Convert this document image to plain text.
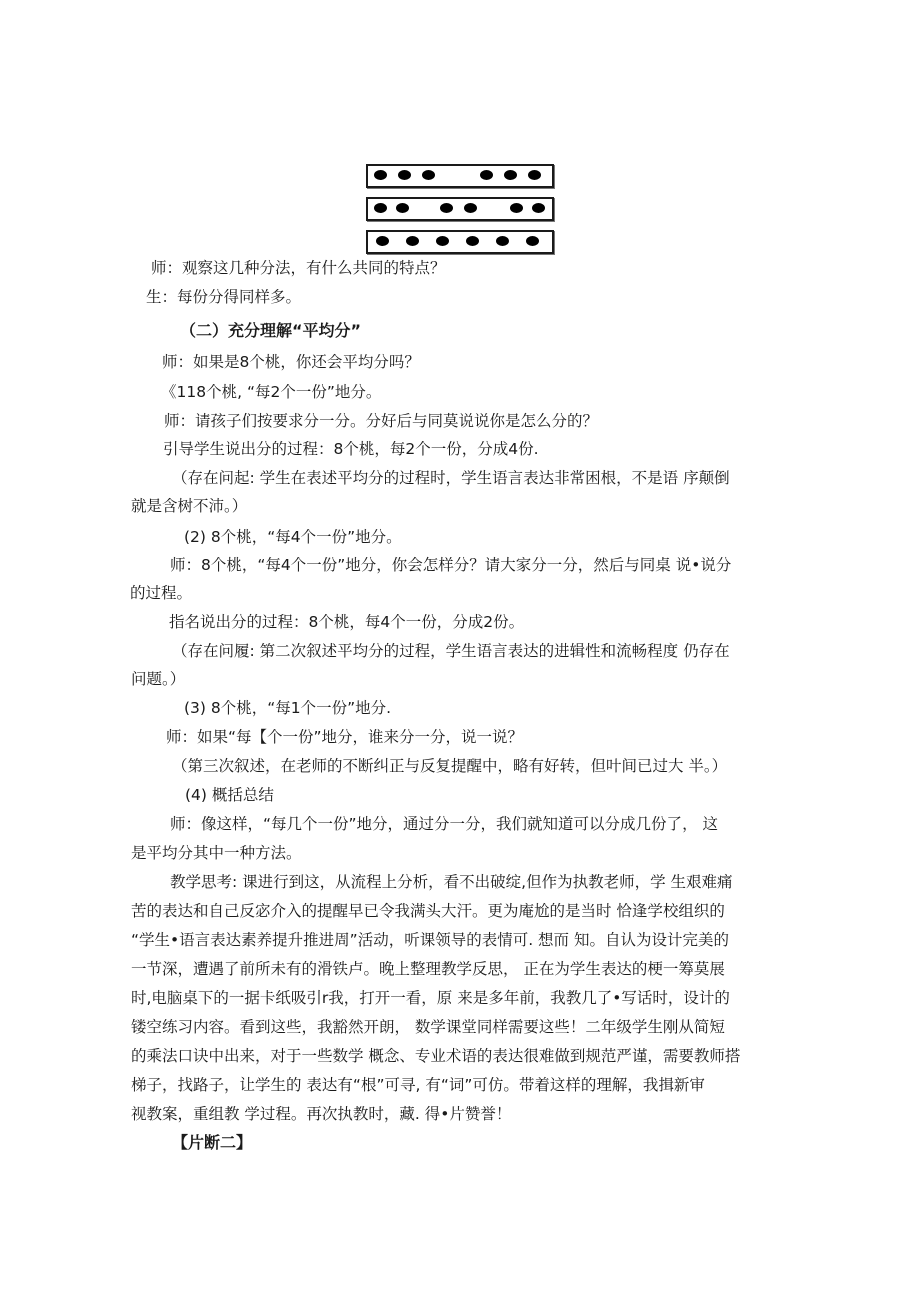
师：观察这几种分法，有什么共同的特点？
生：每份分得同样多。
（二）充分理解“平均分”
师：如果是8个桃，你还会平均分吗？
《118个桃, “每2个一份”地分。
师：请孩子们按要求分一分。分好后与同莫说说你是怎么分的？
引导学生说出分的过程：8个桃，每2个一份，分成4份.
（存在问起: 学生在表述平均分的过程时，学生语言表达非常困根，不是语 序颠倒
就是含树不沛。）
(2) 8个桃，“每4个一份”地分。
师：8个桃，“每4个一份”地分，你会怎样分？请大家分一分，然后与同桌 说•说分
的过程。
指名说出分的过程：8个桃，每4个一份，分成2份。
（存在问履: 第二次叙述平均分的过程，学生语言表达的进辑性和流畅程度 仍存在
问题。）
(3) 8个桃，“每1个一份”地分.
师：如果“每【个一份”地分，谁来分一分，说一说？
（第三次叙述，在老师的不断纠正与反复提醒中，略有好转，但叶间已过大 半。）
(4) 概括总结
师：像这样，“每几个一份”地分，通过分一分，我们就知道可以分成几份了， 这
是平均分其中一种方法。
教学思考: 课进行到这，从流程上分析，看不出破绽,但作为执教老师，学 生艰难痛
苦的表达和自己反宓介入的提醒早已令我满头大汗。更为庵尬的是当时 恰逢学校组织的
“学生•语言表达素养提升推进周”活动，听课领导的表情可. 想而 知。自认为设计完美的
一节深，遭遇了前所未有的滑铁卢。晚上整理教学反思， 正在为学生表达的梗一筹莫展
时,电脑桌下的一据卡纸吸引r我，打开一看，原 来是多年前，我教几了•写话时，设计的
镂空练习内容。看到这些，我豁然开朗， 数学课堂同样需要这些！二年级学生刚从简短
的乘法口诀中出来，对于一些数学 概念、专业术语的表达很难做到规范严谨，需要教师搭
梯子，找路子，让学生的 表达有“根”可寻, 有“词”可仿。带着这样的理解，我揖新审
视教案，重组教 学过程。再次执教时，藏. 得•片赞誉！
【片断二】
